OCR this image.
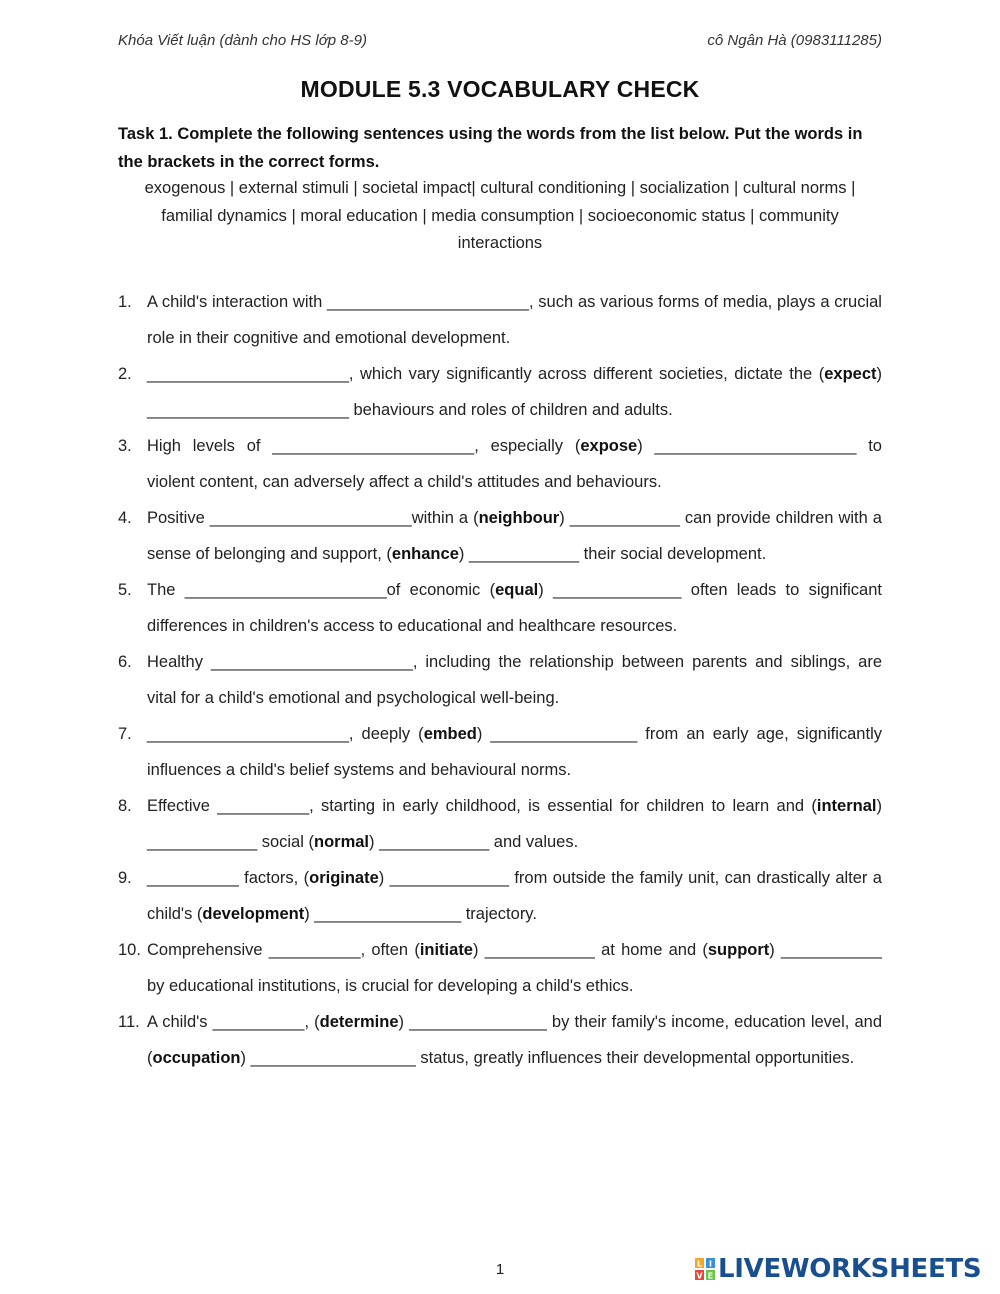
Khóa Viết luận (dành cho HS lớp 8-9)	cô Ngân Hà (0983111285)
MODULE 5.3 VOCABULARY CHECK
Task 1. Complete the following sentences using the words from the list below. Put the words in the brackets in the correct forms.
exogenous | external stimuli | societal impact| cultural conditioning | socialization | cultural norms | familial dynamics | moral education | media consumption | socioeconomic status | community interactions
1. A child's interaction with ______________________, such as various forms of media, plays a crucial role in their cognitive and emotional development.
2. ______________________, which vary significantly across different societies, dictate the (expect) ______________________ behaviours and roles of children and adults.
3. High levels of ______________________, especially (expose) ______________________ to violent content, can adversely affect a child's attitudes and behaviours.
4. Positive ______________________within a (neighbour) ____________ can provide children with a sense of belonging and support, (enhance) ____________ their social development.
5. The ______________________of economic (equal) ______________ often leads to significant differences in children's access to educational and healthcare resources.
6. Healthy ______________________, including the relationship between parents and siblings, are vital for a child's emotional and psychological well-being.
7. ______________________, deeply (embed) ________________ from an early age, significantly influences a child's belief systems and behavioural norms.
8. Effective __________, starting in early childhood, is essential for children to learn and (internal) ____________ social (normal) ____________ and values.
9. __________ factors, (originate) _____________ from outside the family unit, can drastically alter a child's (development) ________________ trajectory.
10. Comprehensive __________, often (initiate) ____________ at home and (support) ___________ by educational institutions, is crucial for developing a child's ethics.
11. A child's __________, (determine) _______________ by their family's income, education level, and (occupation) __________________ status, greatly influences their developmental opportunities.
1	L I
V E LIVEWORKSHEETS
